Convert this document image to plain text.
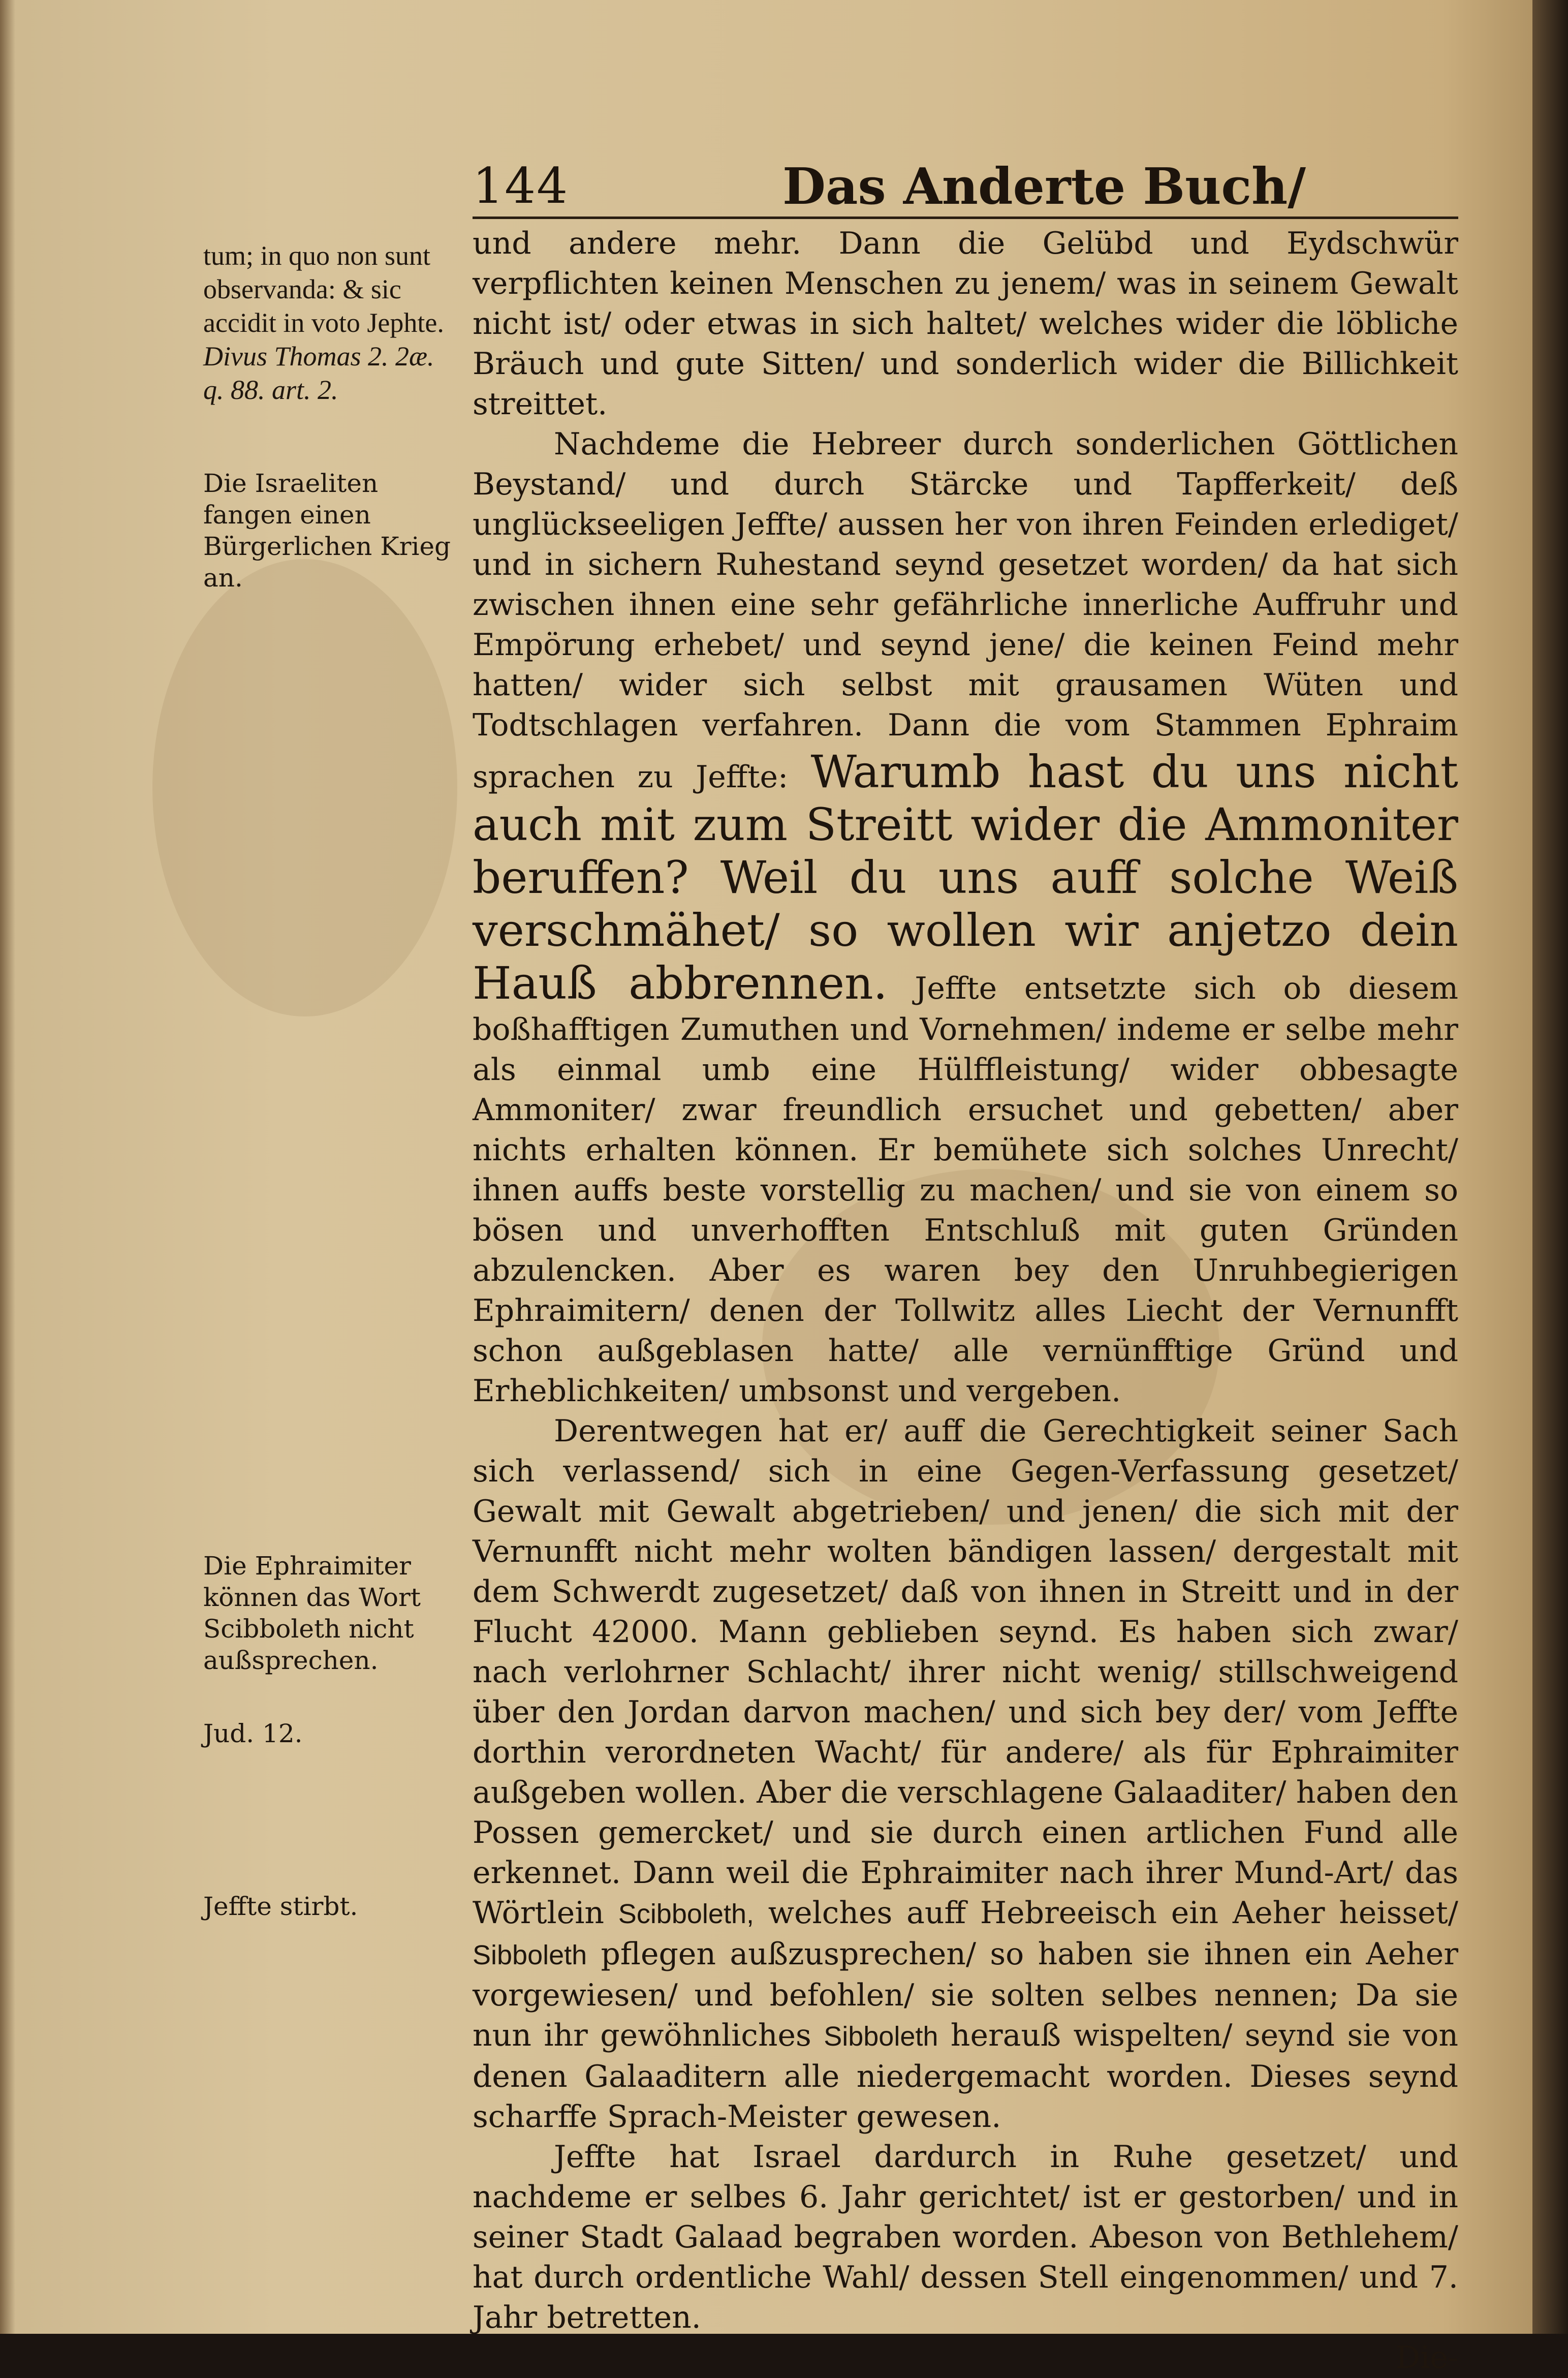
144	Das Anderte Buch/
tum; in quo non sunt observanda: & sic accidit in voto Jephte. Divus Thomas 2. 2æ. q. 88. art. 2.
Die Israeliten fangen einen Bürgerlichen Krieg an.
Die Ephraimiter können das Wort Scibboleth nicht außsprechen.
Jud. 12.
Jeffte stirbt.

und andere mehr. Dann die Gelübd und Eydschwür verpflichten keinen Menschen zu jenem/ was in seinem Gewalt nicht ist/ oder etwas in sich haltet/ welches wider die löbliche Bräuch und gute Sitten/ und sonderlich wider die Billichkeit streittet.

Nachdeme die Hebreer durch sonderlichen Göttlichen Beystand/ und durch Stärcke und Tapfferkeit/ deß unglückseeligen Jeffte/ aussen her von ihren Feinden erlediget/ und in sichern Ruhestand seynd gesetzet worden/ da hat sich zwischen ihnen eine sehr gefährliche innerliche Auffruhr und Empörung erhebet/ und seynd jene/ die keinen Feind mehr hatten/ wider sich selbst mit grausamen Wüten und Todtschlagen verfahren. Dann die vom Stammen Ephraim sprachen zu Jeffte: Warumb hast du uns nicht auch mit zum Streitt wider die Ammoniter beruffen? Weil du uns auff solche Weiß verschmähet/ so wollen wir anjetzo dein Hauß abbrennen. Jeffte entsetzte sich ob diesem boßhafftigen Zumuthen und Vornehmen/ indeme er selbe mehr als einmal umb eine Hülffleistung/ wider obbesagte Ammoniter/ zwar freundlich ersuchet und gebetten/ aber nichts erhalten können. Er bemühete sich solches Unrecht/ ihnen auffs beste vorstellig zu machen/ und sie von einem so bösen und unverhofften Entschluß mit guten Gründen abzulencken. Aber es waren bey den Unruhbegierigen Ephraimitern/ denen der Tollwitz alles Liecht der Vernunfft schon außgeblasen hatte/ alle vernünfftige Gründ und Erheblichkeiten/ umbsonst und vergeben.

Derentwegen hat er/ auff die Gerechtigkeit seiner Sach sich verlassend/ sich in eine Gegen-Verfassung gesetzet/ Gewalt mit Gewalt abgetrieben/ und jenen/ die sich mit der Vernunfft nicht mehr wolten bändigen lassen/ dergestalt mit dem Schwerdt zugesetzet/ daß von ihnen in Streitt und in der Flucht 42000. Mann geblieben seynd. Es haben sich zwar/ nach verlohrner Schlacht/ ihrer nicht wenig/ stillschweigend über den Jordan darvon machen/ und sich bey der/ vom Jeffte dorthin verordneten Wacht/ für andere/ als für Ephraimiter außgeben wollen. Aber die verschlagene Galaaditer/ haben den Possen gemercket/ und sie durch einen artlichen Fund alle erkennet. Dann weil die Ephraimiter nach ihrer Mund-Art/ das Wörtlein Scibboleth, welches auff Hebreeisch ein Aeher heisset/ Sibboleth pflegen außzusprechen/ so haben sie ihnen ein Aeher vorgewiesen/ und befohlen/ sie solten selbes nennen; Da sie nun ihr gewöhnliches Sibboleth herauß wispelten/ seynd sie von denen Galaaditern alle niedergemacht worden. Dieses seynd scharffe Sprach-Meister gewesen.

Jeffte hat Israel dardurch in Ruhe gesetzet/ und nachdeme er selbes 6. Jahr gerichtet/ ist er gestorben/ und in seiner Stadt Galaad begraben worden. Abeson von Bethlehem/ hat durch ordentliche Wahl/ dessen Stell eingenommen/ und 7. Jahr betretten.

Die-
